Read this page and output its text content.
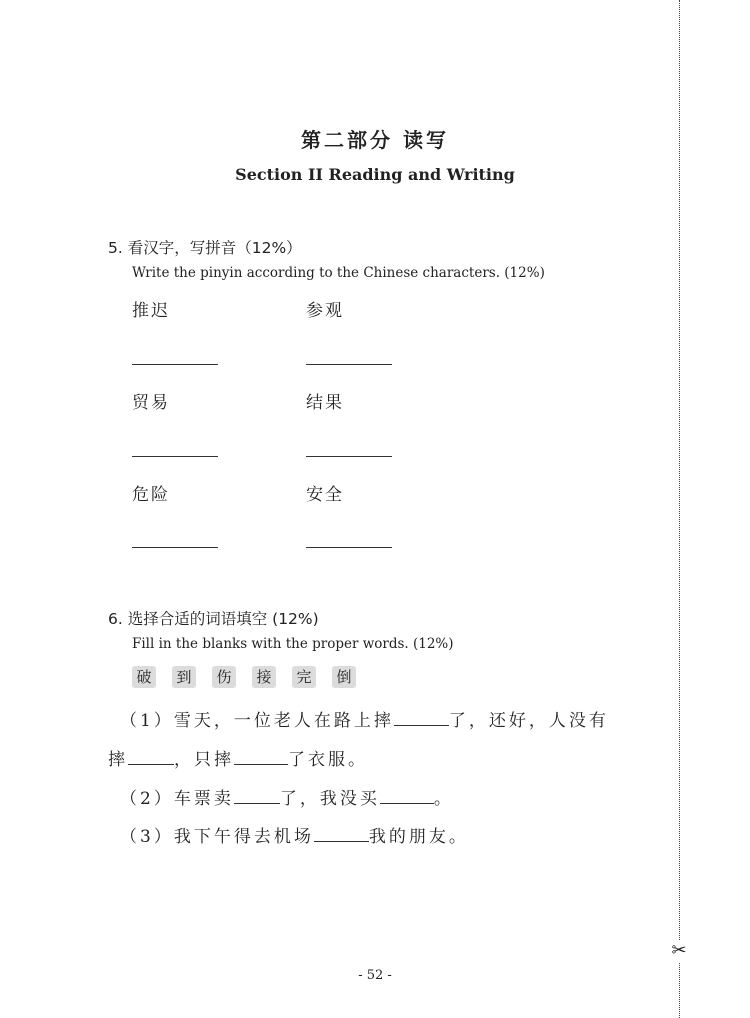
✂
第二部分 读写
Section II Reading and Writing
5. 看汉字，写拼音（12%）
Write the pinyin according to the Chinese characters. (12%)
推迟	参观
贸易	结果
危险	安全
6. 选择合适的词语填空 (12%)
Fill in the blanks with the proper words. (12%)
破	到	伤	接	完	倒
（1）雪天，一位老人在路上摔	了，还好，人没有
摔	，只摔	了衣服。
（2）车票卖	了，我没买	。
（3）我下午得去机场	我的朋友。
- 52 -
